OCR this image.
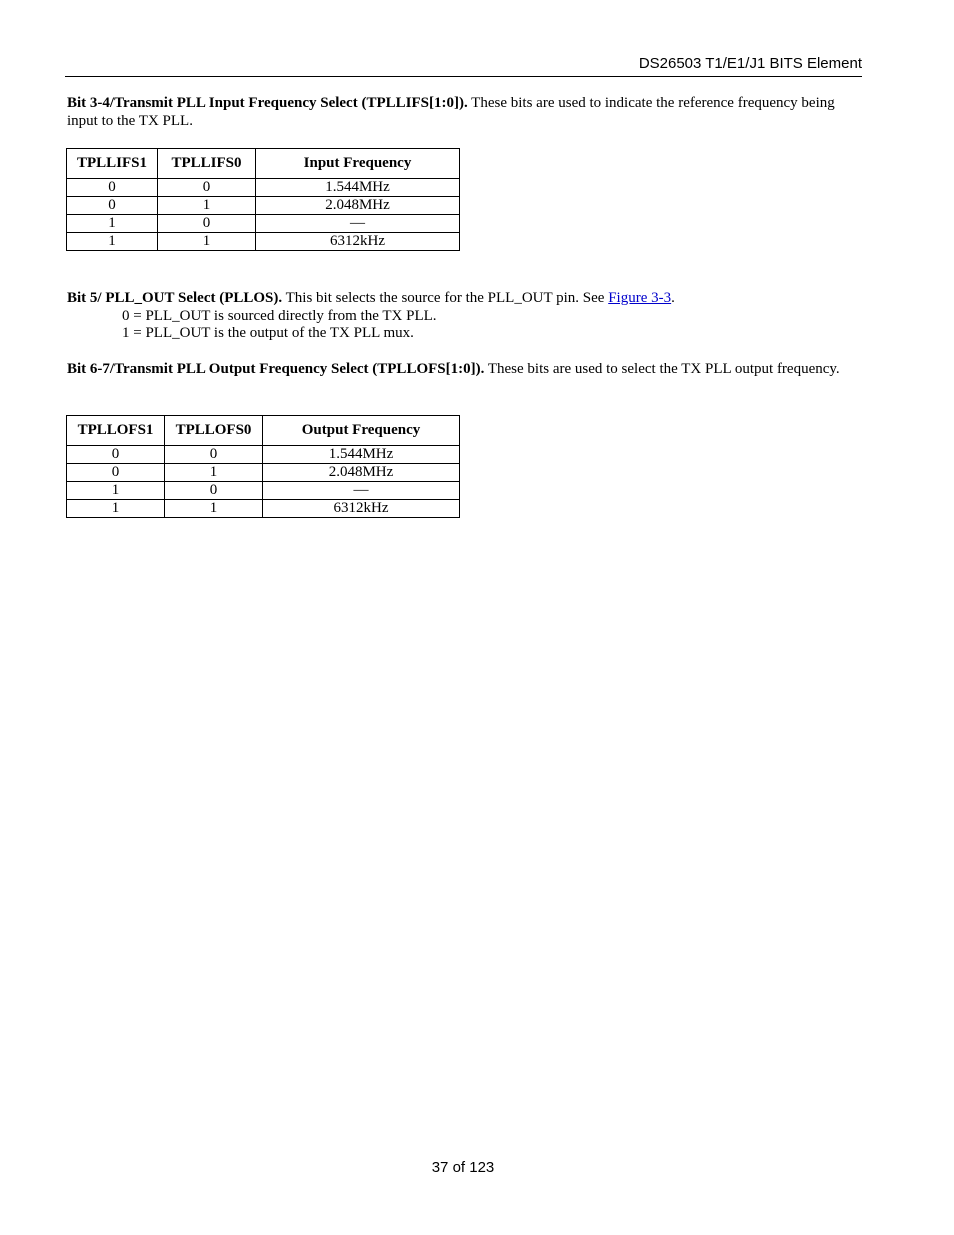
DS26503 T1/E1/J1 BITS Element
Bit 3-4/Transmit PLL Input Frequency Select (TPLLIFS[1:0]). These bits are used to indicate the reference frequency being input to the TX PLL.
TPLLIFS1	TPLLIFS0	Input Frequency
0	0	1.544MHz
0	1	2.048MHz
1	0	—
1	1	6312kHz
Bit 5/ PLL_OUT Select (PLLOS). This bit selects the source for the PLL_OUT pin. See Figure 3-3.
0 = PLL_OUT is sourced directly from the TX PLL.
1 = PLL_OUT is the output of the TX PLL mux.
Bit 6-7/Transmit PLL Output Frequency Select (TPLLOFS[1:0]). These bits are used to select the TX PLL output frequency.
TPLLOFS1	TPLLOFS0	Output Frequency
0	0	1.544MHz
0	1	2.048MHz
1	0	—
1	1	6312kHz
37 of 123
